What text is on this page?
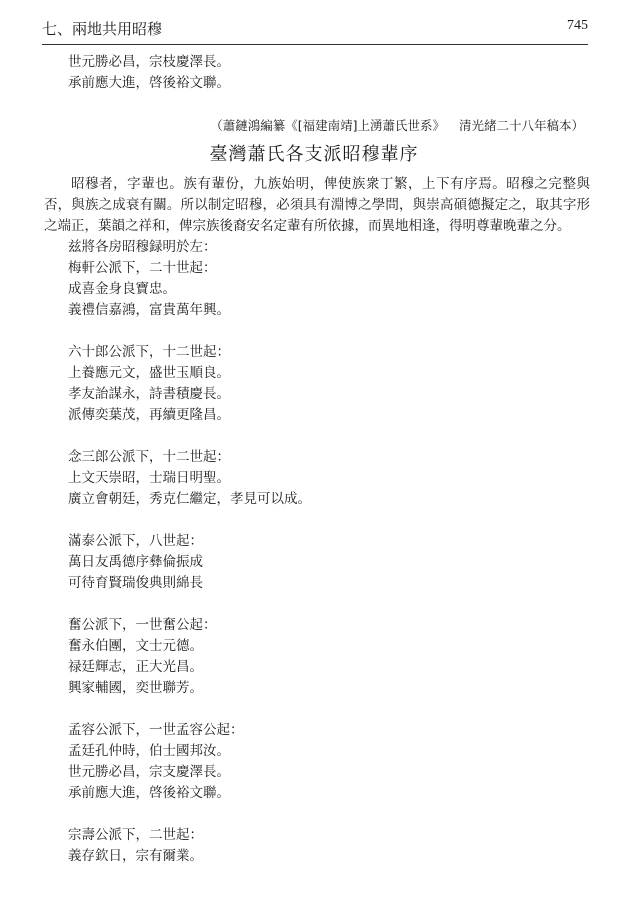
七、兩地共用昭穆	745
世元勝必昌，宗枝慶澤長。
承前應大進，啓後裕文聯。
（蕭鏈鴻編纂《[福建南靖]上湧蕭氏世系》 清光緒二十八年稿本）
臺灣蕭氏各支派昭穆輩序
昭穆者，字輩也。族有輩份，九族始明，俾使族衆丁繁，上下有序焉。昭穆之完整與否，與族之成衰有關。所以制定昭穆，必須具有淵博之學問，與崇高碩德擬定之，取其字形之端正，葉韻之祥和，俾宗族後裔安名定輩有所依據，而異地相逢，得明尊輩晚輩之分。
兹將各房昭穆録明於左：
梅軒公派下，二十世起：
成喜金身良寶忠。
義禮信嘉鴻，富貴萬年興。
六十郎公派下，十二世起：
上養應元文，盛世玉順良。
孝友詒謀永，詩書積慶長。
派傳奕葉茂，再續更隆昌。
念三郎公派下，十二世起：
上文天崇昭，士瑞日明聖。
廣立會朝廷，秀克仁繼定，孝見可以成。
滿泰公派下，八世起：
萬日友禹德序彝倫振成
可待育賢瑞俊典則綿長
奮公派下，一世奮公起：
奮永伯團，文士元德。
禄廷輝志，正大光昌。
興家輔國，奕世聯芳。
孟容公派下，一世孟容公起：
孟廷孔仲時，伯士國邦汝。
世元勝必昌，宗支慶澤長。
承前應大進，啓後裕文聯。
宗壽公派下，二世起：
義存欽日，宗有爾業。
